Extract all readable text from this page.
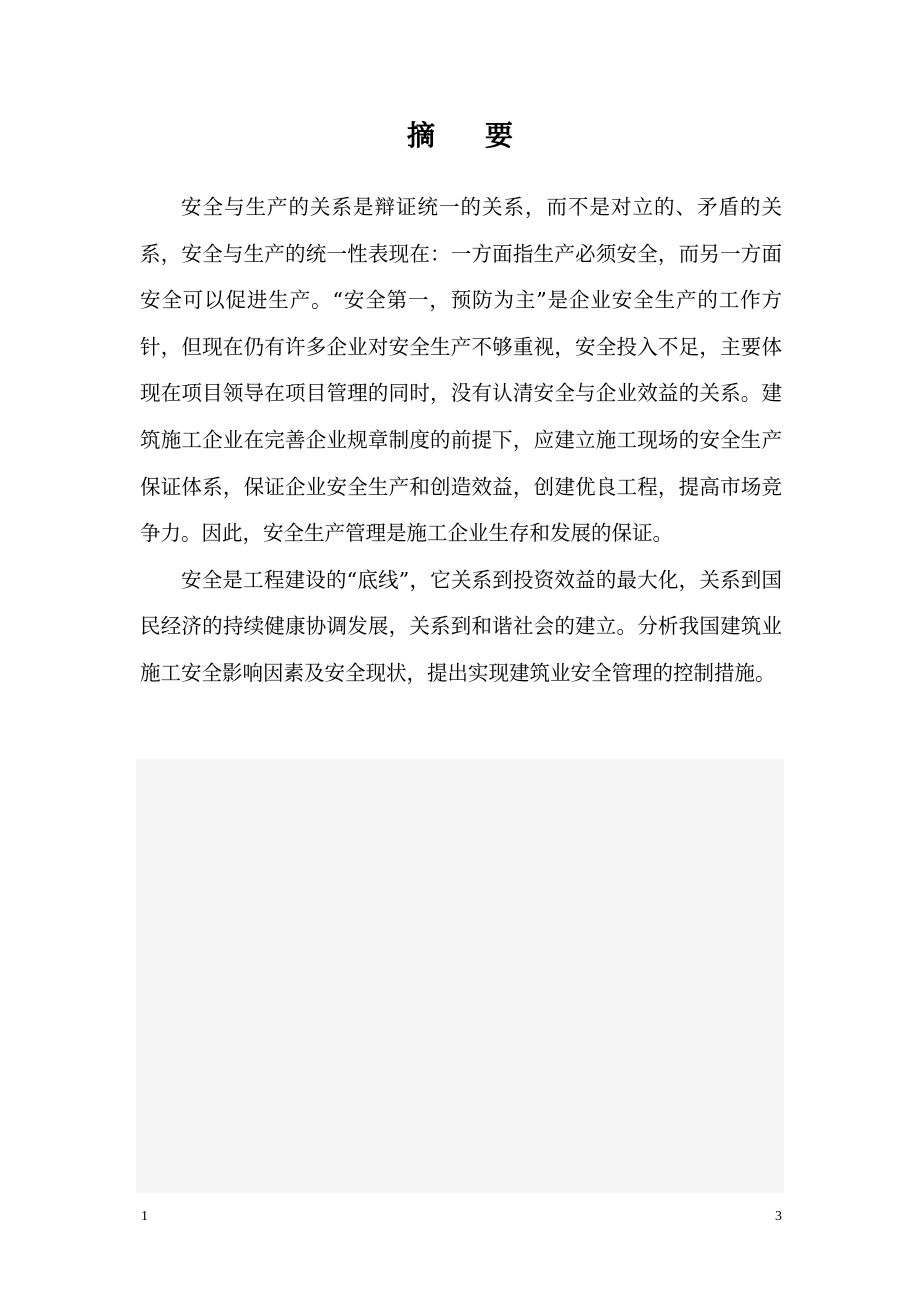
摘要

安全与生产的关系是辩证统一的关系，而不是对立的、矛盾的关系，安全与生产的统一性表现在：一方面指生产必须安全，而另一方面安全可以促进生产。“安全第一，预防为主”是企业安全生产的工作方针，但现在仍有许多企业对安全生产不够重视，安全投入不足，主要体现在项目领导在项目管理的同时，没有认清安全与企业效益的关系。建筑施工企业在完善企业规章制度的前提下，应建立施工现场的安全生产保证体系，保证企业安全生产和创造效益，创建优良工程，提高市场竞争力。因此，安全生产管理是施工企业生存和发展的保证。

安全是工程建设的“底线”，它关系到投资效益的最大化，关系到国民经济的持续健康协调发展，关系到和谐社会的建立。分析我国建筑业施工安全影响因素及安全现状，提出实现建筑业安全管理的控制措施。

1	3
